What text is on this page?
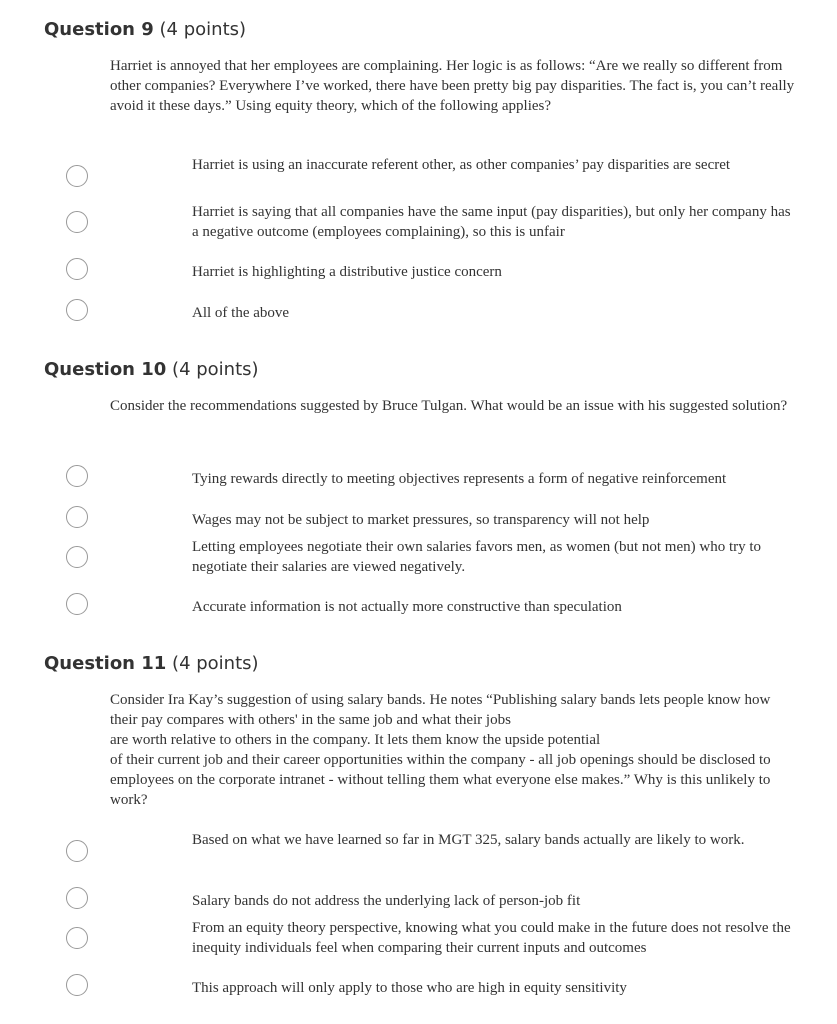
Question 9 (4 points)

Harriet is annoyed that her employees are complaining. Her logic is as follows: “Are we really so different from other companies? Everywhere I’ve worked, there have been pretty big pay disparities. The fact is, you can’t really avoid it these days.” Using equity theory, which of the following applies?

Harriet is using an inaccurate referent other, as other companies’ pay disparities are secret

Harriet is saying that all companies have the same input (pay disparities), but only her company has a negative outcome (employees complaining), so this is unfair

Harriet is highlighting a distributive justice concern

All of the above

Question 10 (4 points)

Consider the recommendations suggested by Bruce Tulgan. What would be an issue with his suggested solution?

Tying rewards directly to meeting objectives represents a form of negative reinforcement

Wages may not be subject to market pressures, so transparency will not help

Letting employees negotiate their own salaries favors men, as women (but not men) who try to negotiate their salaries are viewed negatively.

Accurate information is not actually more constructive than speculation

Question 11 (4 points)

Consider Ira Kay’s suggestion of using salary bands. He notes “Publishing salary bands lets people know how their pay compares with others' in the same job and what their jobs
are worth relative to others in the company. It lets them know the upside potential
of their current job and their career opportunities within the company - all job openings should be disclosed to employees on the corporate intranet - without telling them what everyone else makes.” Why is this unlikely to work?

Based on what we have learned so far in MGT 325, salary bands actually are likely to work.

Salary bands do not address the underlying lack of person-job fit

From an equity theory perspective, knowing what you could make in the future does not resolve the inequity individuals feel when comparing their current inputs and outcomes

This approach will only apply to those who are high in equity sensitivity
